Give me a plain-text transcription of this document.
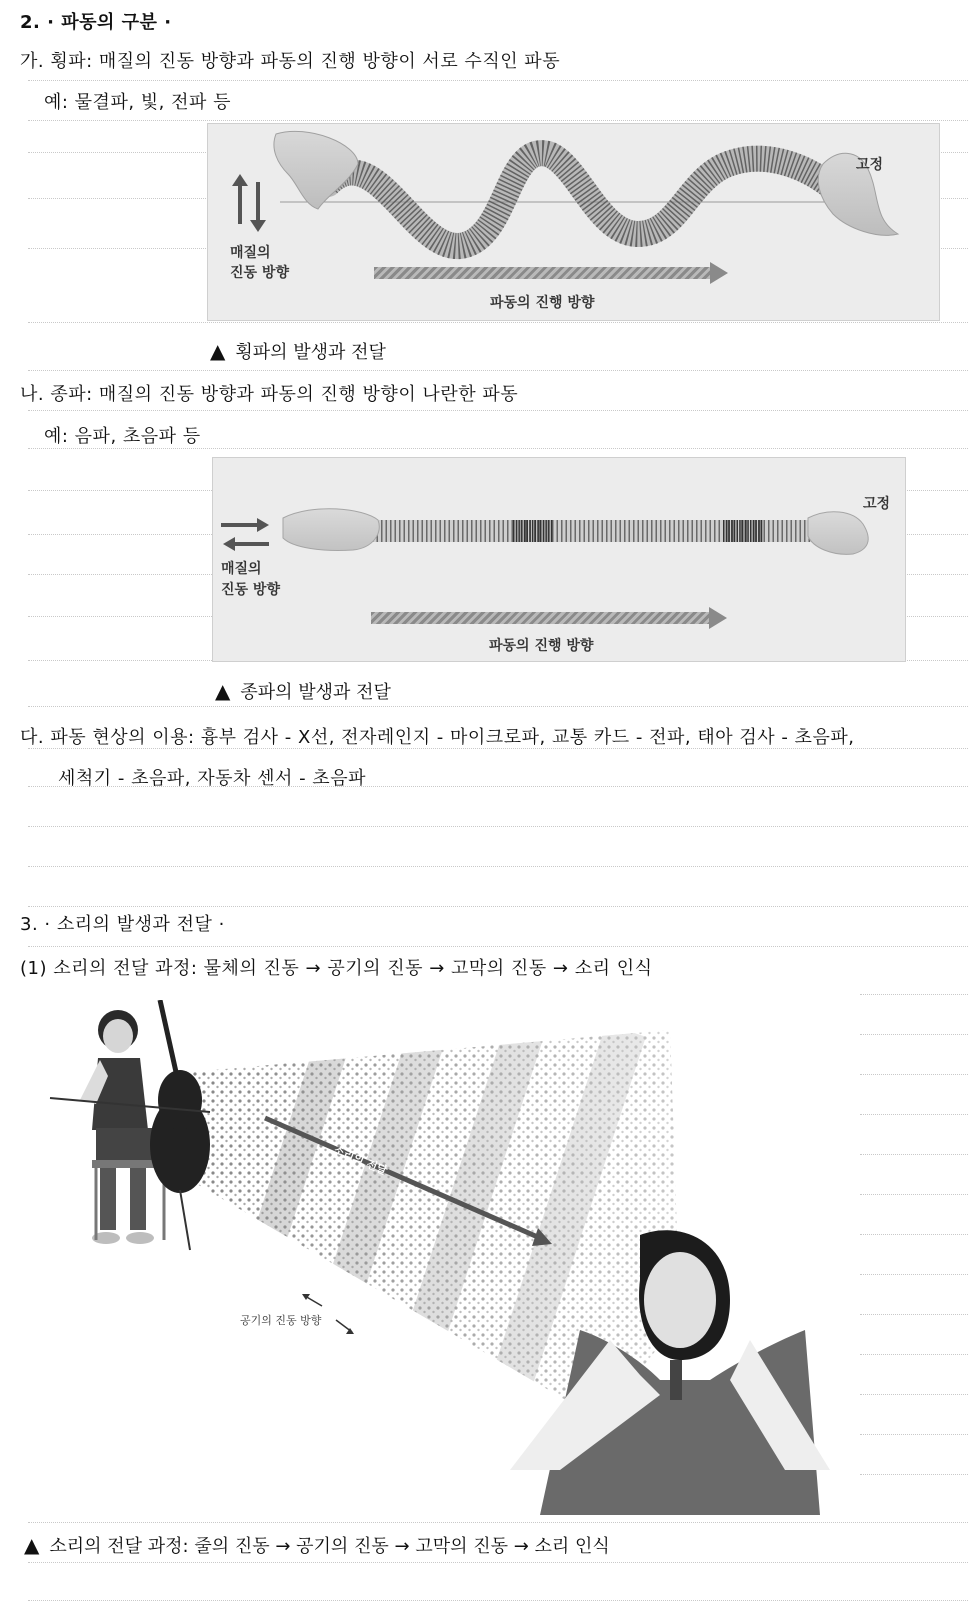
2. · 파동의 구분 ·
가. 횡파: 매질의 진동 방향과 파동의 진행 방향이 서로 수직인 파동
예: 물결파, 빛, 전파 등
고정
매질의
진동 방향
파동의 진행 방향
▲ 횡파의 발생과 전달
나. 종파: 매질의 진동 방향과 파동의 진행 방향이 나란한 파동
예: 음파, 초음파 등
고정
매질의
진동 방향
파동의 진행 방향
▲ 종파의 발생과 전달
다. 파동 현상의 이용: 흉부 검사 - X선, 전자레인지 - 마이크로파, 교통 카드 - 전파, 태아 검사 - 초음파,
세척기 - 초음파, 자동차 센서 - 초음파
3. · 소리의 발생과 전달 ·
(1) 소리의 전달 과정: 물체의 진동 → 공기의 진동 → 고막의 진동 → 소리 인식
소리의 전달
공기의 진동 방향
▲ 소리의 전달 과정: 줄의 진동 → 공기의 진동 → 고막의 진동 → 소리 인식
